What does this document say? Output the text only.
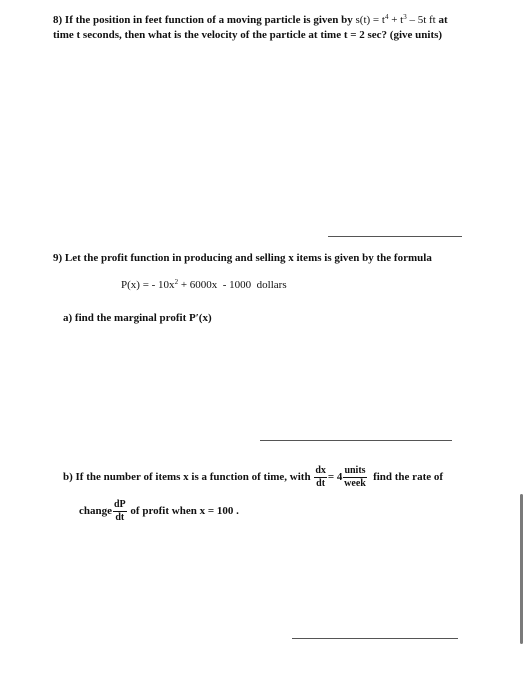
8) If the position in feet function of a moving particle is given by $s(t) = t^4 + t^3 - 5t$ ft at
time t seconds, then what is the velocity of the particle at time t = 2 sec? (give units)
9) Let the profit function in producing and selling x items is given by the formula
P(x) = - $10x^2 + 6000x - 1000$  dollars
a) find the marginal profit P′(x)
b) If the number of items x is a function of time, with
$\frac{dx}{dt} = 4 \frac{\text{units}}{\text{week}}$
find the rate of
change $\frac{dP}{dt}$
of profit when x = 100 .
